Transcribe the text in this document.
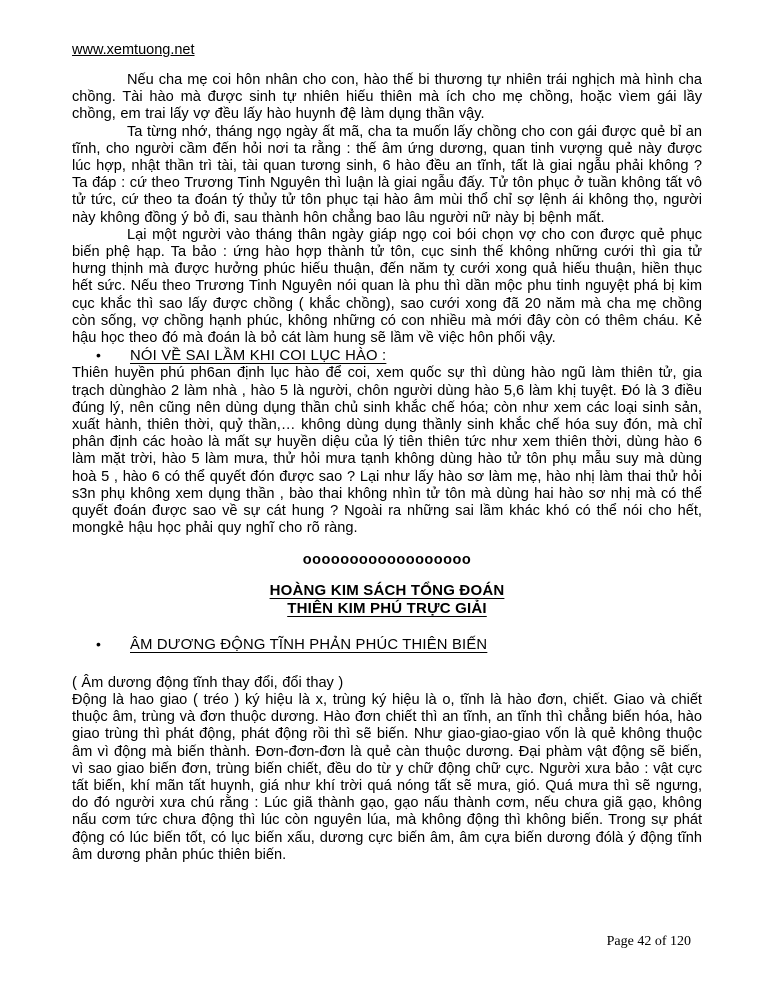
www.xemtuong.net

Nếu cha mẹ coi hôn nhân cho con, hào thế bi thương tự nhiên trái nghịch mà hình cha chồng. Tài hào mà được sinh tự nhiên hiếu thiên mà ích cho mẹ chồng, hoặc vìem gái lầy chồng, em trai lấy vợ đều lấy hào huynh đệ làm dụng thần vậy.

Ta từng nhớ, tháng ngọ ngày ất mã, cha ta muốn lấy chồng cho con gái được quẻ bỉ an tĩnh, cho người cầm đến hỏi nơi ta rằng : thế âm ứng dương, quan tinh vượng quẻ này được lúc hợp, nhật thần trì tài, tài quan tương sinh, 6 hào đều an tĩnh, tất là giai ngẫu phải không ? Ta đáp : cứ theo Trương Tinh Nguyên thì luận là giai ngẫu đấy. Tử tôn phục ở tuần không tất vô tử tức, cứ theo ta đoán tý thủy tử tôn phục tại hào âm mùi thổ chỉ sợ lệnh ái không thọ, người này không đồng ý bỏ đi, sau thành hôn chẳng bao lâu người nữ này bị bệnh mất.

Lại một người vào tháng thân ngày giáp ngọ coi bói chọn vợ cho con được quẻ phục biến phệ hạp. Ta bảo : ứng hào hợp thành tử tôn, cục sinh thế không những cưới thì gia tử hưng thịnh mà được hưởng phúc hiếu thuận, đến năm tỵ cưới xong quả hiếu thuận, hiền thục hết sức. Nếu theo Trương Tinh Nguyên nói quan là phu thì dần mộc phu tinh nguyệt phá bị kim cục khắc thì sao lấy được chồng ( khắc chồng), sao cưới xong đã 20 năm mà cha mẹ chồng còn sống, vợ chồng hạnh phúc, không những có con nhiều mà mới đây còn có thêm cháu. Kẻ hậu học theo đó mà đoán là bỏ cát làm hung sẽ lầm về việc hôn phối vậy.

•	NÓI VỀ SAI LẦM KHI COI LỤC HÀO :

Thiên huyền phú ph6an định lục hào để coi, xem quốc sự thì dùng hào ngũ làm thiên tử, gia trạch dùnghào 2 làm nhà , hào 5 là người, chôn người dùng hào 5,6 làm khị tuyệt. Đó là 3 điều đúng lý, nên cũng nên dùng dụng thần chủ sinh khắc chế hóa; còn như xem các loại sinh sản, xuất hành, thiên thời, quỷ thần,… không dùng dụng thầnly sinh khắc chế hóa suy đón, mà chỉ phân định các hoào là mất sự huyền diệu của lý tiên thiên tức như xem thiên thời, dùng hào 6 làm mặt trời, hào 5 làm mưa, thử hỏi mưa tạnh không dùng hào tử tôn phụ mẫu suy mà dùng hoà 5 , hào 6 có thể quyết đón được sao ? Lại như lấy hào sơ làm mẹ, hào nhị làm thai thử hỏi s3n phụ không xem dụng thần , bào thai không nhìn tử tôn mà dùng hai hào sơ nhị mà có thể quyết đoán được sao về sự cát hung ? Ngoài ra những sai lầm khác khó có thể nói cho hết, mongkẻ hậu học phải quy nghĩ cho rõ ràng.

oooooooooooooooooo
HOÀNG KIM SÁCH TỔNG ĐOÁN
THIÊN KIM PHÚ TRỰC GIẢI
•	ÂM DƯƠNG ĐỘNG TĨNH PHẢN PHÚC THIÊN BIẾN

( Âm dương động tĩnh thay đổi, đổi thay )

Động là hao giao ( tréo ) ký hiệu là x, trùng ký hiệu là o, tĩnh là hào đơn, chiết. Giao và chiết thuộc âm, trùng và đơn thuộc dương. Hào đơn chiết thì an tĩnh, an tĩnh thì chẳng biến hóa, hào giao trùng thì phát động, phát động rồi thì sẽ biến. Như giao-giao-giao vốn là quẻ không thuộc âm vì động mà biến thành. Đơn-đơn-đơn là quẻ càn thuộc dương. Đại phàm vật động sẽ biến, vì sao giao biến đơn, trùng biến chiết, đều do từ y chữ động chữ cực. Người xưa bảo : vật cực tất biến, khí mãn tất huynh, giá như khí trời quá nóng tất sẽ mưa, gió. Quá mưa thì sẽ ngưng, do đó người xưa chú rằng : Lúc giã thành gạo, gạo nấu thành cơm, nếu chưa giã gạo, không nấu cơm tức chưa động thì lúc còn nguyên lúa, mà không động thì không biến. Trong sự phát động có lúc biến tốt, có lục biến xấu, dương cực biến âm, âm cựa biến dương đólà ý động tĩnh âm dương phản phúc thiên biến.

Page 42 of 120
